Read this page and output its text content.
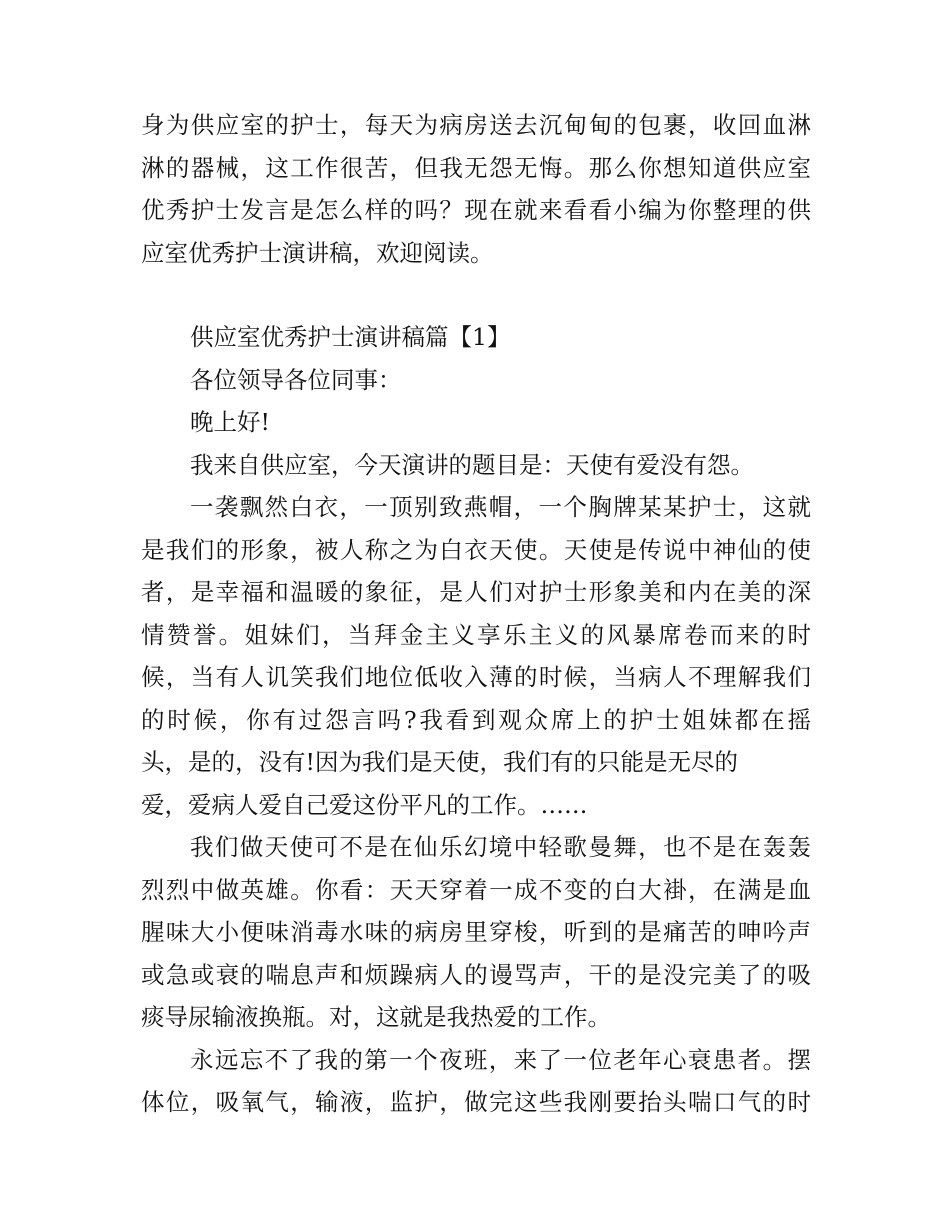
身为供应室的护士，每天为病房送去沉甸甸的包裹，收回血淋
淋的器械，这工作很苦，但我无怨无悔。那么你想知道供应室
优秀护士发言是怎么样的吗？现在就来看看小编为你整理的供
应室优秀护士演讲稿，欢迎阅读。
供应室优秀护士演讲稿篇【1】
各位领导各位同事：
晚上好!
我来自供应室，今天演讲的题目是：天使有爱没有怨。
一袭飘然白衣，一顶别致燕帽，一个胸牌某某护士，这就
是我们的形象，被人称之为白衣天使。天使是传说中神仙的使
者，是幸福和温暖的象征，是人们对护士形象美和内在美的深
情赞誉。姐妹们，当拜金主义享乐主义的风暴席卷而来的时
候，当有人讥笑我们地位低收入薄的时候，当病人不理解我们
的时候，你有过怨言吗?我看到观众席上的护士姐妹都在摇
头，是的，没有!因为我们是天使，我们有的只能是无尽的
爱，爱病人爱自己爱这份平凡的工作。……
我们做天使可不是在仙乐幻境中轻歌曼舞，也不是在轰轰
烈烈中做英雄。你看：天天穿着一成不变的白大褂，在满是血
腥味大小便味消毒水味的病房里穿梭，听到的是痛苦的呻吟声
或急或衰的喘息声和烦躁病人的谩骂声，干的是没完美了的吸
痰导尿输液换瓶。对，这就是我热爱的工作。
永远忘不了我的第一个夜班，来了一位老年心衰患者。摆
体位，吸氧气，输液，监护，做完这些我刚要抬头喘口气的时
